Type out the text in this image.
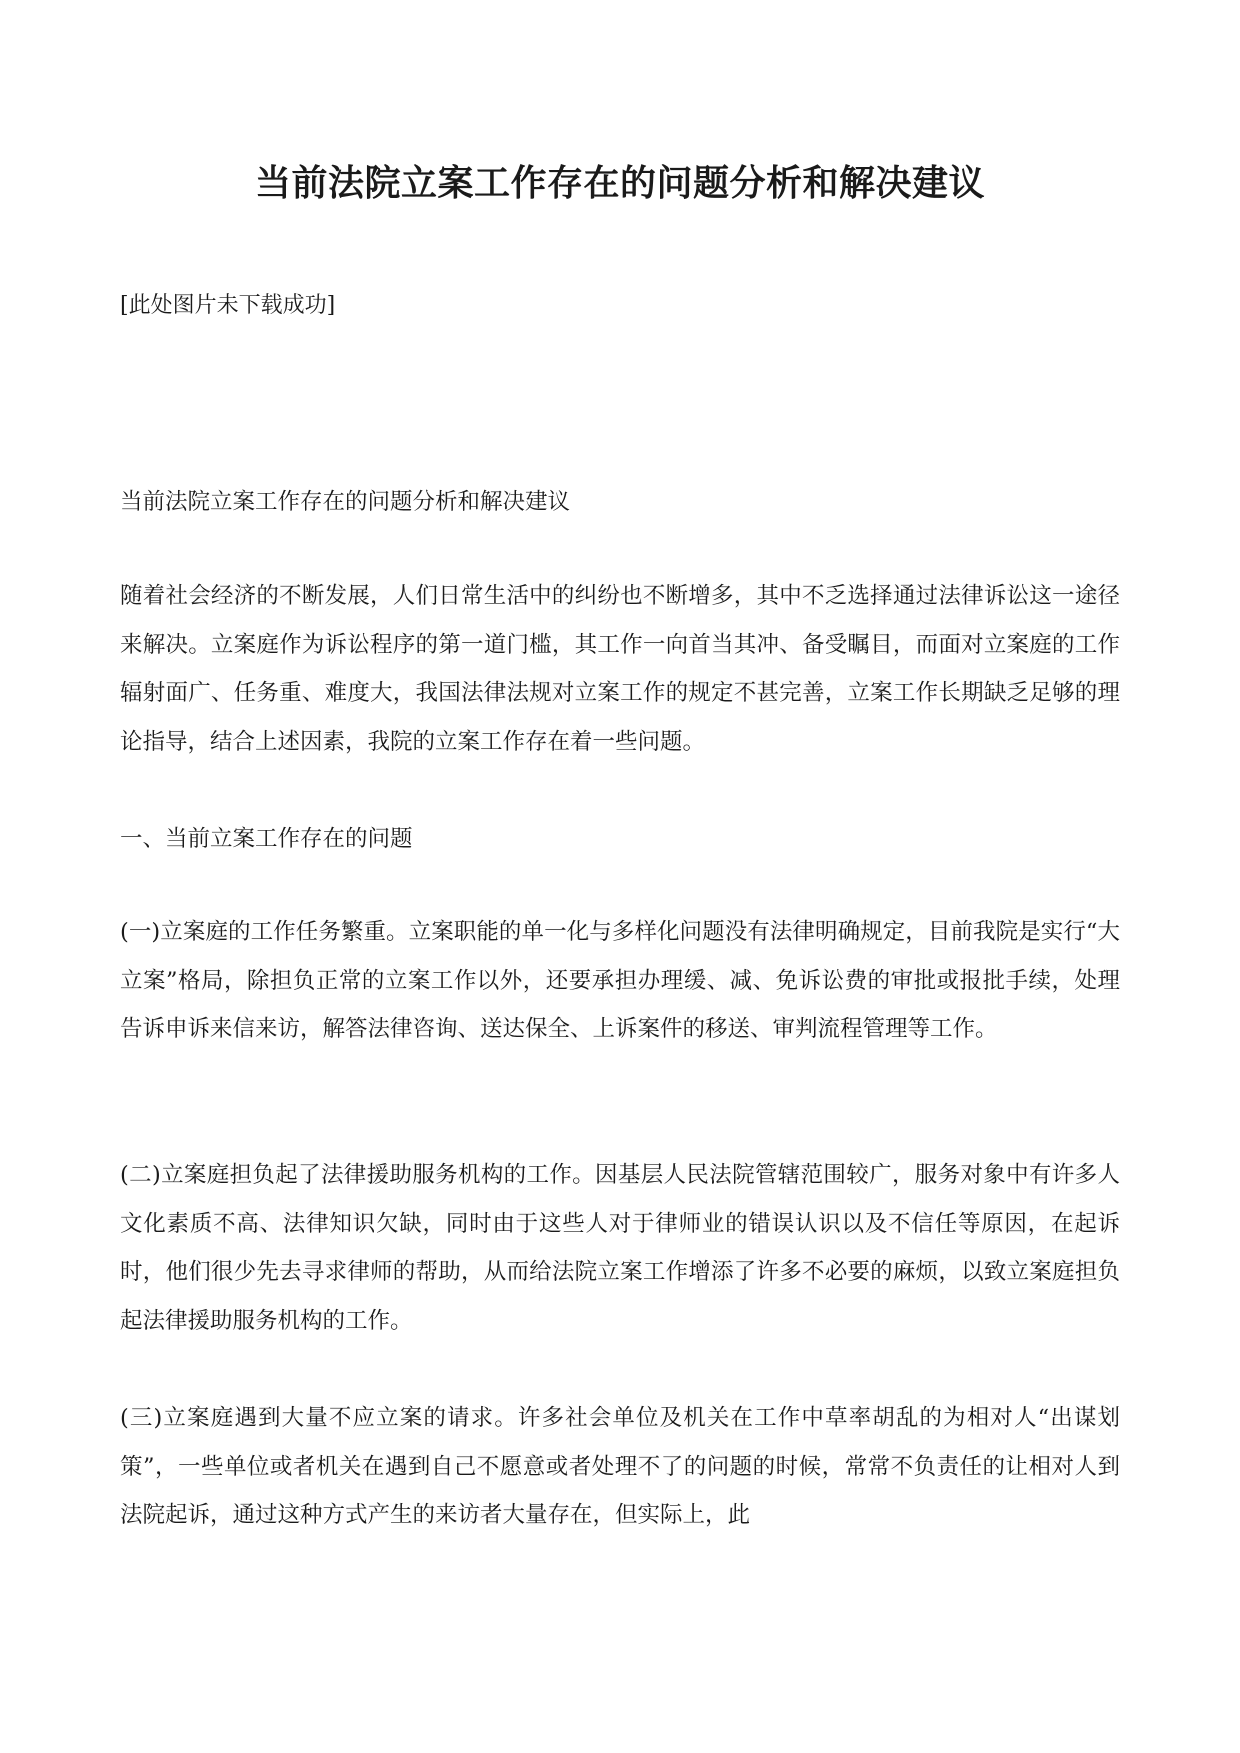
当前法院立案工作存在的问题分析和解决建议

[此处图片未下载成功]

当前法院立案工作存在的问题分析和解决建议

随着社会经济的不断发展，人们日常生活中的纠纷也不断增多，其中不乏选择通过法律诉讼这一途径来解决。立案庭作为诉讼程序的第一道门槛，其工作一向首当其冲、备受瞩目，而面对立案庭的工作辐射面广、任务重、难度大，我国法律法规对立案工作的规定不甚完善，立案工作长期缺乏足够的理论指导，结合上述因素，我院的立案工作存在着一些问题。

一、当前立案工作存在的问题

(一)立案庭的工作任务繁重。立案职能的单一化与多样化问题没有法律明确规定，目前我院是实行“大立案”格局，除担负正常的立案工作以外，还要承担办理缓、减、免诉讼费的审批或报批手续，处理告诉申诉来信来访，解答法律咨询、送达保全、上诉案件的移送、审判流程管理等工作。

(二)立案庭担负起了法律援助服务机构的工作。因基层人民法院管辖范围较广，服务对象中有许多人文化素质不高、法律知识欠缺，同时由于这些人对于律师业的错误认识以及不信任等原因，在起诉时，他们很少先去寻求律师的帮助，从而给法院立案工作增添了许多不必要的麻烦，以致立案庭担负起法律援助服务机构的工作。

(三)立案庭遇到大量不应立案的请求。许多社会单位及机关在工作中草率胡乱的为相对人“出谋划策”，一些单位或者机关在遇到自己不愿意或者处理不了的问题的时候，常常不负责任的让相对人到法院起诉，通过这种方式产生的来访者大量存在，但实际上，此
